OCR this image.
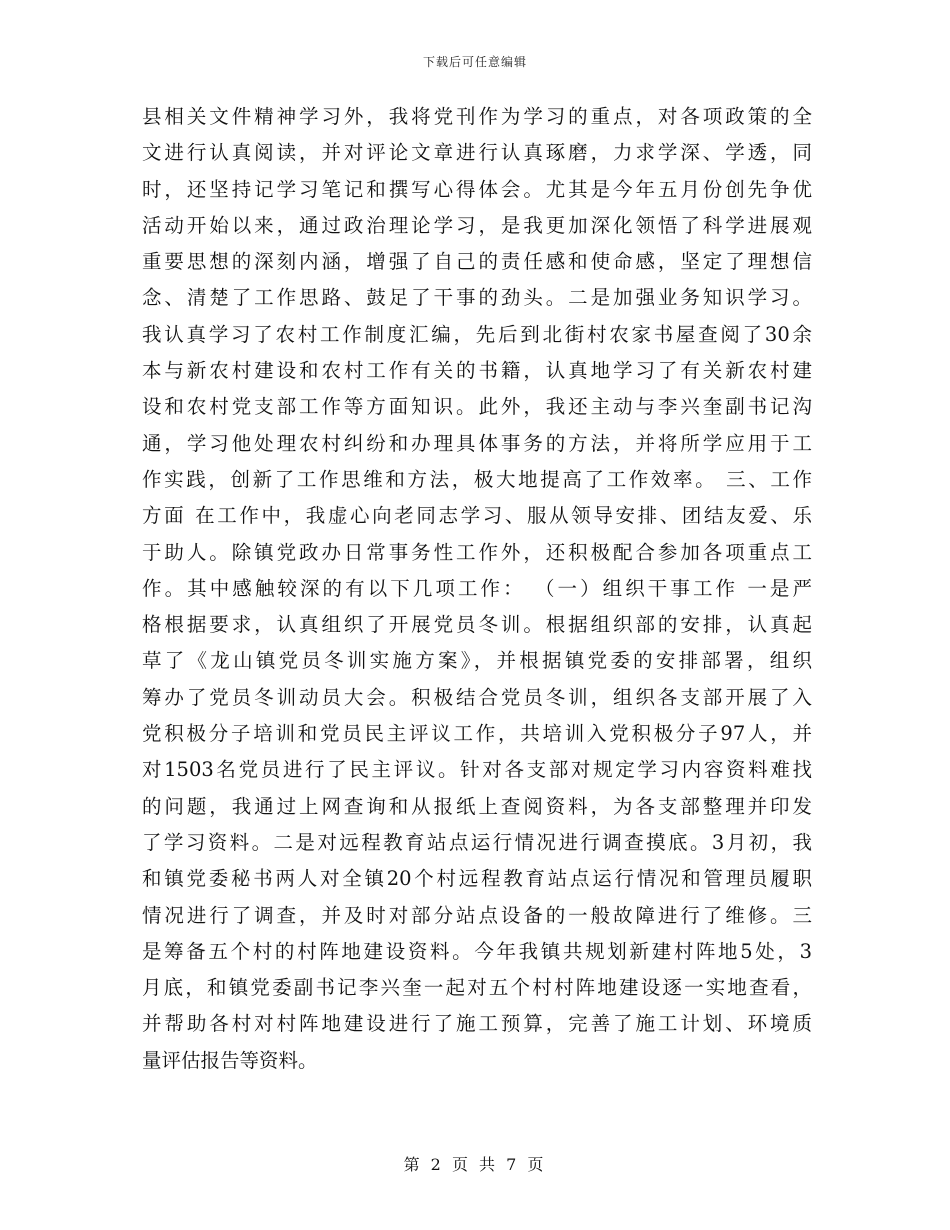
下载后可任意编辑
县相关文件精神学习外，我将党刊作为学习的重点，对各项政策的全
文进行认真阅读，并对评论文章进行认真琢磨，力求学深、学透，同
时，还坚持记学习笔记和撰写心得体会。尤其是今年五月份创先争优
活动开始以来，通过政治理论学习，是我更加深化领悟了科学进展观
重要思想的深刻内涵，增强了自己的责任感和使命感，坚定了理想信
念、清楚了工作思路、鼓足了干事的劲头。二是加强业务知识学习。
我认真学习了农村工作制度汇编，先后到北街村农家书屋查阅了30余
本与新农村建设和农村工作有关的书籍，认真地学习了有关新农村建
设和农村党支部工作等方面知识。此外，我还主动与李兴奎副书记沟
通，学习他处理农村纠纷和办理具体事务的方法，并将所学应用于工
作实践，创新了工作思维和方法，极大地提高了工作效率。 三、工作
方面 在工作中，我虚心向老同志学习、服从领导安排、团结友爱、乐
于助人。除镇党政办日常事务性工作外，还积极配合参加各项重点工
作。其中感触较深的有以下几项工作： （一）组织干事工作 一是严
格根据要求，认真组织了开展党员冬训。根据组织部的安排，认真起
草了《龙山镇党员冬训实施方案》，并根据镇党委的安排部署，组织
筹办了党员冬训动员大会。积极结合党员冬训，组织各支部开展了入
党积极分子培训和党员民主评议工作，共培训入党积极分子97人，并
对1503名党员进行了民主评议。针对各支部对规定学习内容资料难找
的问题，我通过上网查询和从报纸上查阅资料，为各支部整理并印发
了学习资料。二是对远程教育站点运行情况进行调查摸底。3月初，我
和镇党委秘书两人对全镇20个村远程教育站点运行情况和管理员履职
情况进行了调查，并及时对部分站点设备的一般故障进行了维修。三
是筹备五个村的村阵地建设资料。今年我镇共规划新建村阵地5处，3
月底，和镇党委副书记李兴奎一起对五个村村阵地建设逐一实地查看，
并帮助各村对村阵地建设进行了施工预算，完善了施工计划、环境质
量评估报告等资料。
第 2 页 共 7 页
